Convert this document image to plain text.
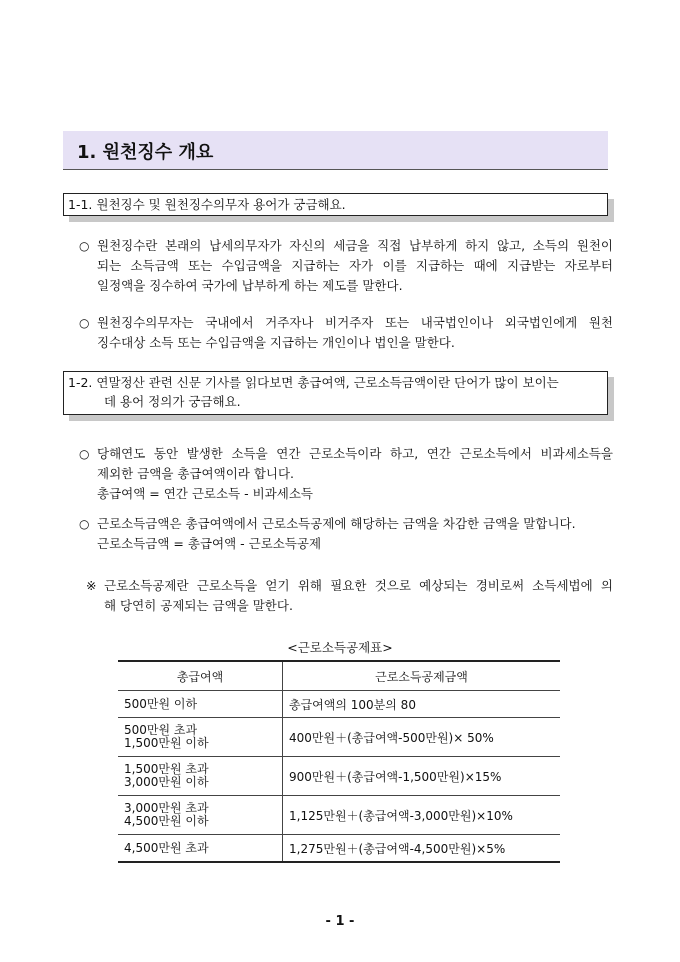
1. 원천징수 개요
1-1. 원천징수 및 원천징수의무자 용어가 궁금해요.
○ 원천징수란 본래의 납세의무자가 자신의 세금을 직접 납부하게 하지 않고, 소득의 원천이
되는 소득금액 또는 수입금액을 지급하는 자가 이를 지급하는 때에 지급받는 자로부터
일정액을 징수하여 국가에 납부하게 하는 제도를 말한다.
○ 원천징수의무자는 국내에서 거주자나 비거주자 또는 내국법인이나 외국법인에게 원천
징수대상 소득 또는 수입금액을 지급하는 개인이나 법인을 말한다.
1-2. 연말정산 관련 신문 기사를 읽다보면 총급여액, 근로소득금액이란 단어가 많이 보이는
데 용어 정의가 궁금해요.
○ 당해연도 동안 발생한 소득을 연간 근로소득이라 하고, 연간 근로소득에서 비과세소득을
제외한 금액을 총급여액이라 합니다.
총급여액 = 연간 근로소득 - 비과세소득
○ 근로소득금액은 총급여액에서 근로소득공제에 해당하는 금액을 차감한 금액을 말합니다.
근로소득금액 = 총급여액 - 근로소득공제
※ 근로소득공제란 근로소득을 얻기 위해 필요한 것으로 예상되는 경비로써 소득세법에 의
해 당연히 공제되는 금액을 말한다.
<근로소득공제표>
총급여액	근로소득공제금액
500만원 이하	총급여액의 100분의 80

500만원 초과
1,500만원 이하	400만원＋(총급여액-500만원)× 50%

1,500만원 초과
3,000만원 이하	900만원＋(총급여액-1,500만원)×15%

3,000만원 초과
4,500만원 이하	1,125만원＋(총급여액-3,000만원)×10%
4,500만원 초과	1,275만원＋(총급여액-4,500만원)×5%
- 1 -
